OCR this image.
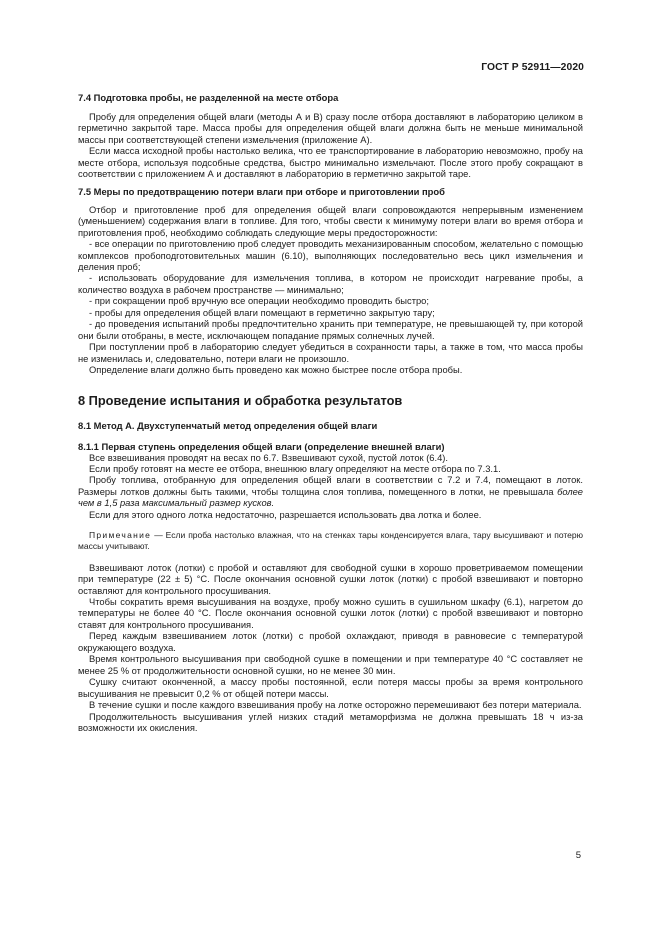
ГОСТ Р 52911—2020

7.4 Подготовка пробы, не разделенной на месте отбора

Пробу для определения общей влаги (методы А и В) сразу после отбора доставляют в лабораторию целиком в герметично закрытой таре. Масса пробы для определения общей влаги должна быть не меньше минимальной массы при соответствующей степени измельчения (приложение А).

Если масса исходной пробы настолько велика, что ее транспортирование в лабораторию невозможно, пробу на месте отбора, используя подсобные средства, быстро минимально измельчают. После этого пробу сокращают в соответствии с приложением А и доставляют в лабораторию в герметично закрытой таре.

7.5 Меры по предотвращению потери влаги при отборе и приготовлении проб

Отбор и приготовление проб для определения общей влаги сопровождаются непрерывным изменением (уменьшением) содержания влаги в топливе. Для того, чтобы свести к минимуму потери влаги во время отбора и приготовления проб, необходимо соблюдать следующие меры предосторожности:

- все операции по приготовлению проб следует проводить механизированным способом, желательно с помощью комплексов пробоподготовительных машин (6.10), выполняющих последовательно весь цикл измельчения и деления проб;

- использовать оборудование для измельчения топлива, в котором не происходит нагревание пробы, а количество воздуха в рабочем пространстве — минимально;

- при сокращении проб вручную все операции необходимо проводить быстро;

- пробы для определения общей влаги помещают в герметично закрытую тару;

- до проведения испытаний пробы предпочтительно хранить при температуре, не превышающей ту, при которой они были отобраны, в месте, исключающем попадание прямых солнечных лучей.

При поступлении проб в лабораторию следует убедиться в сохранности тары, а также в том, что масса пробы не изменилась и, следовательно, потери влаги не произошло.

Определение влаги должно быть проведено как можно быстрее после отбора пробы.

8 Проведение испытания и обработка результатов

8.1 Метод А. Двухступенчатый метод определения общей влаги

8.1.1 Первая ступень определения общей влаги (определение внешней влаги)

Все взвешивания проводят на весах по 6.7. Взвешивают сухой, пустой лоток (6.4).

Если пробу готовят на месте ее отбора, внешнюю влагу определяют на месте отбора по 7.3.1.

Пробу топлива, отобранную для определения общей влаги в соответствии с 7.2 и 7.4, помещают в лоток. Размеры лотков должны быть такими, чтобы толщина слоя топлива, помещенного в лотки, не превышала более чем в 1,5 раза максимальный размер кусков.

Если для этого одного лотка недостаточно, разрешается использовать два лотка и более.

Примечание — Если проба настолько влажная, что на стенках тары конденсируется влага, тару высушивают и потерю массы учитывают.

Взвешивают лоток (лотки) с пробой и оставляют для свободной сушки в хорошо проветриваемом помещении при температуре (22 ± 5) °С. После окончания основной сушки лоток (лотки) с пробой взвешивают и повторно оставляют для контрольного просушивания.

Чтобы сократить время высушивания на воздухе, пробу можно сушить в сушильном шкафу (6.1), нагретом до температуры не более 40 °С. После окончания основной сушки лоток (лотки) с пробой взвешивают и повторно ставят для контрольного просушивания.

Перед каждым взвешиванием лоток (лотки) с пробой охлаждают, приводя в равновесие с температурой окружающего воздуха.

Время контрольного высушивания при свободной сушке в помещении и при температуре 40 °С составляет не менее 25 % от продолжительности основной сушки, но не менее 30 мин.

Сушку считают оконченной, а массу пробы постоянной, если потеря массы пробы за время контрольного высушивания не превысит 0,2 % от общей потери массы.

В течение сушки и после каждого взвешивания пробу на лотке осторожно перемешивают без потери материала.

Продолжительность высушивания углей низких стадий метаморфизма не должна превышать 18 ч из-за возможности их окисления.

5
